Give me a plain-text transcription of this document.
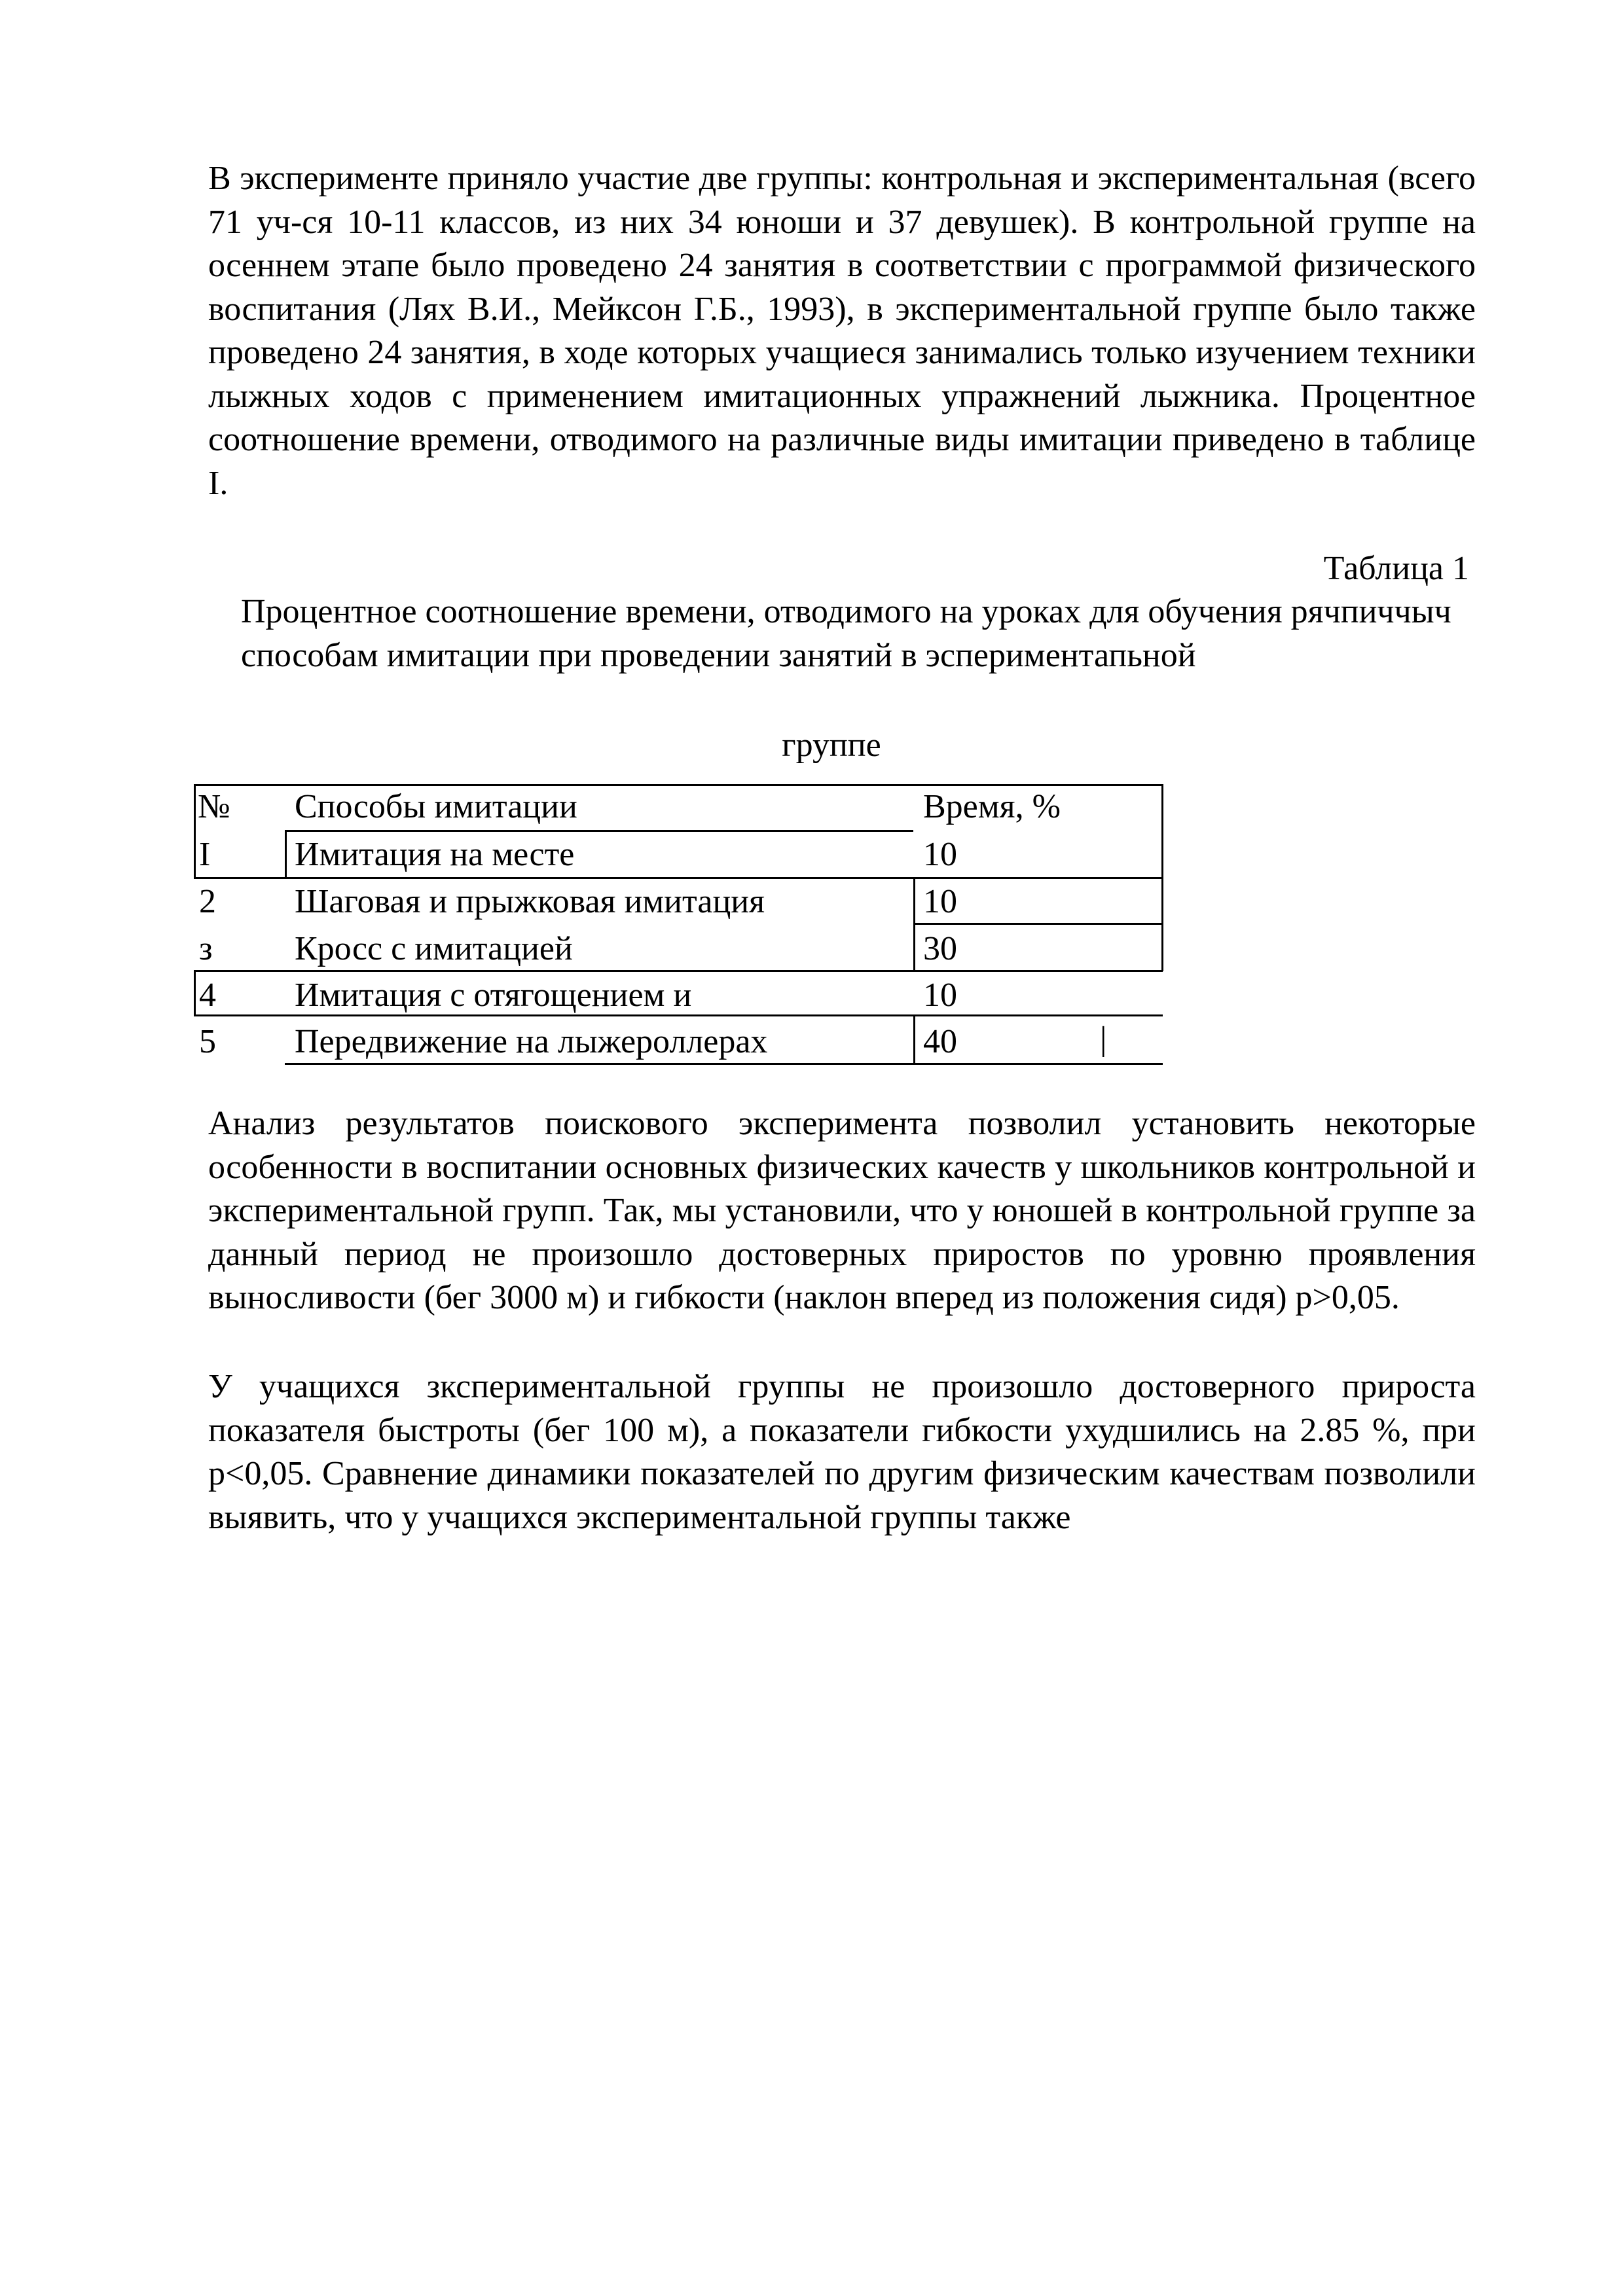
В эксперименте приняло участие две группы: контрольная и экспериментальная (всего 71 уч-ся 10-11 классов, из них 34 юноши и 37 девушек). В контрольной группе на осеннем этапе было проведено 24 занятия в соответствии с программой физического воспитания (Лях В.И., Мейксон Г.Б., 1993), в экспериментальной группе было также проведено 24 занятия, в ходе которых учащиеся занимались только изучением техники лыжных ходов с применением имитационных упражнений лыжника. Процентное соотношение времени, отводимого на различные виды имитации приведено в таблице I.

Таблица 1

Процентное соотношение времени, отводимого на уроках для обучения рячпиччыч способам имитации при проведении занятий в эспериментапьной

группе

№ Способы имитации	Время, %
I Имитация на месте	10
2 Шаговая и прыжковая имитация	10
з Кросс с имитацией	30
4 Имитация с отягощением и	10
5 Передвижение на лыжероллерах	40	|

Анализ результатов поискового эксперимента позволил установить некоторые особенности в воспитании основных физических качеств у школьников контрольной и экспериментальной групп. Так, мы установили, что у юношей в контрольной группе за данный период не произошло достоверных приростов по уровню проявления выносливости (бег 3000 м) и гибкости (наклон вперед из положения сидя) p>0,05.

У учащихся зкспериментальной группы не произошло достоверного прироста показателя быстроты (бег 100 м), а показатели гибкости ухудшились на 2.85 %, при p<0,05. Сравнение динамики показателей по другим физическим качествам позволили выявить, что у учащихся экспериментальной группы также
